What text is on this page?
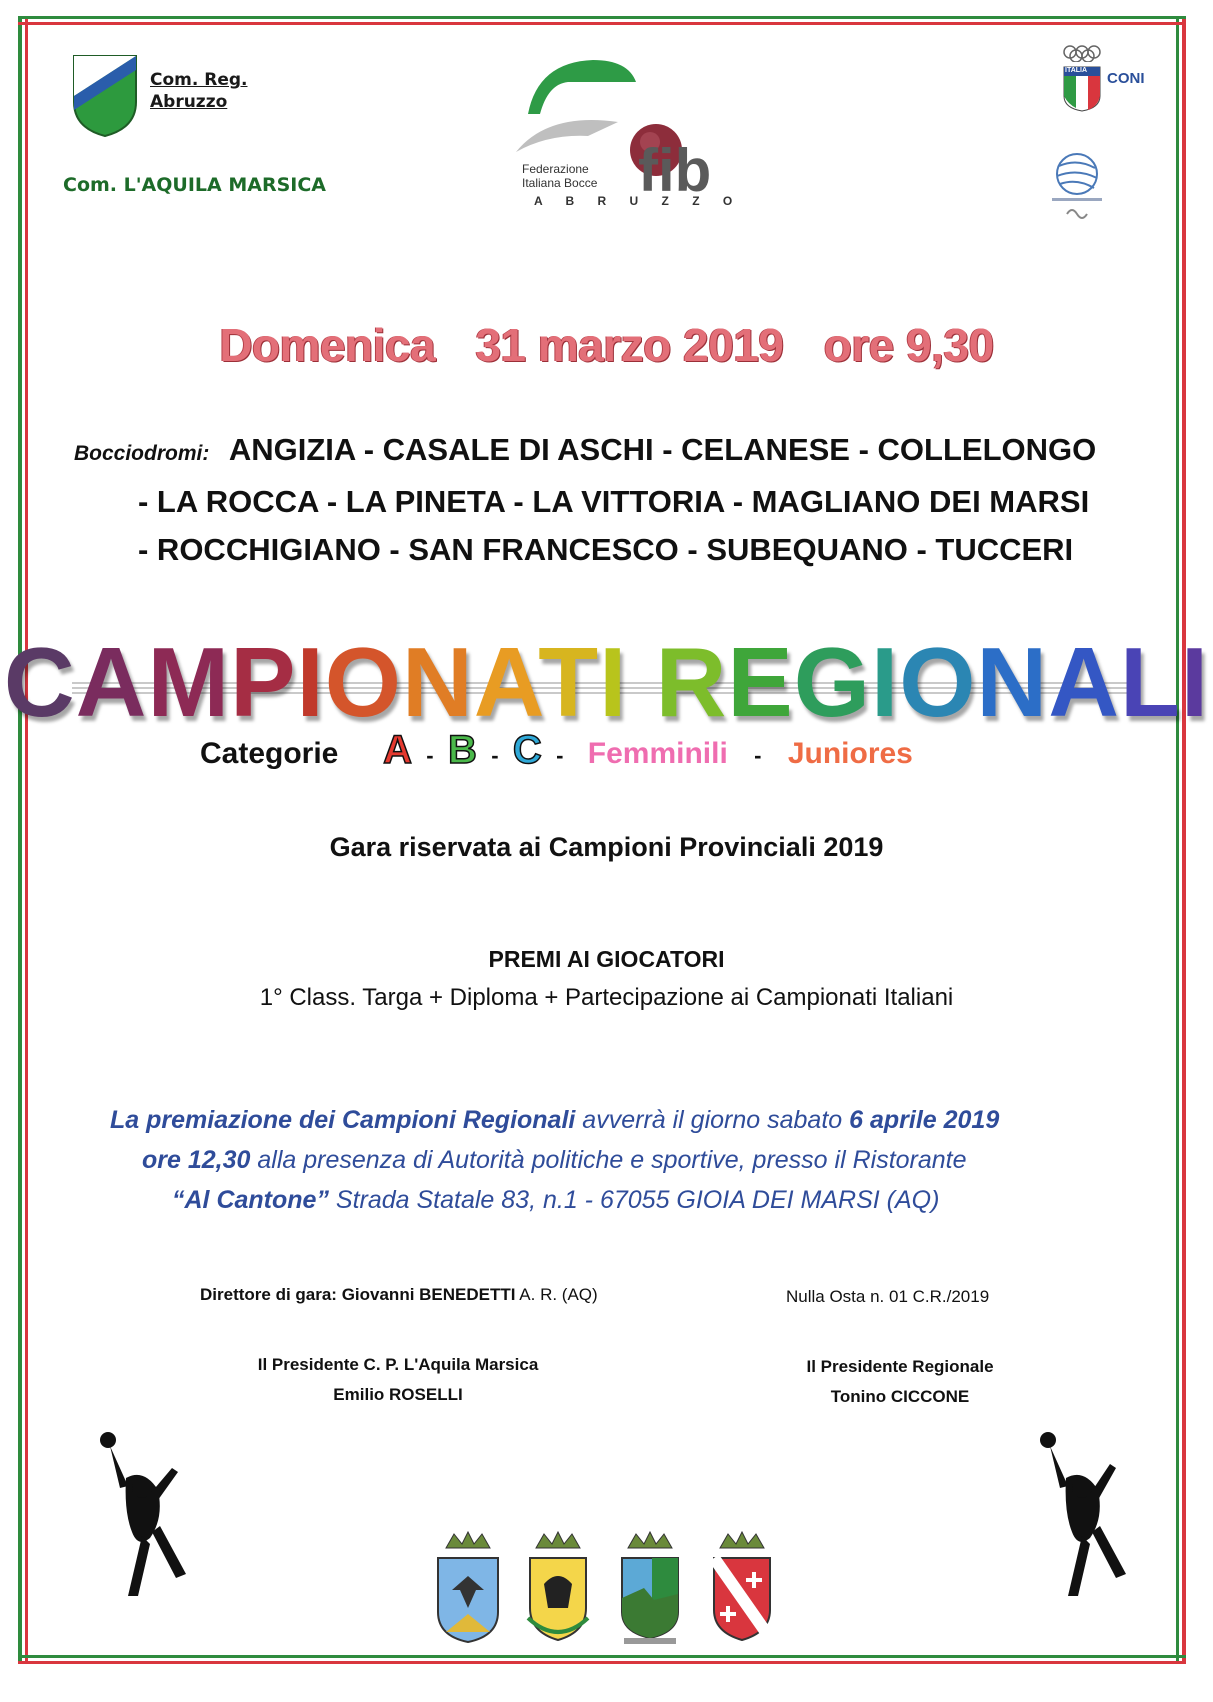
Com. Reg.
Abruzzo
Com. L'AQUILA MARSICA
Federazione
Italiana Bocce fib
A B R U Z Z O
ITALIA CONI
Domenica 31 marzo 2019 ore 9,30
Bocciodromi: ANGIZIA - CASALE DI ASCHI - CELANESE - COLLELONGO
- LA ROCCA - LA PINETA - LA VITTORIA - MAGLIANO DEI MARSI
- ROCCHIGIANO - SAN FRANCESCO - SUBEQUANO - TUCCERI
CAMPIONATI REGIONALI
Categorie A - B - C - Femminili - Juniores
Gara riservata ai Campioni Provinciali 2019
PREMI AI GIOCATORI
1° Class. Targa + Diploma + Partecipazione ai Campionati Italiani
La premiazione dei Campioni Regionali avverrà il giorno sabato 6 aprile 2019
ore 12,30 alla presenza di Autorità politiche e sportive, presso il Ristorante
“Al Cantone” Strada Statale 83, n.1 - 67055 GIOIA DEI MARSI (AQ)
Direttore di gara: Giovanni BENEDETTI A. R. (AQ)	Nulla Osta n. 01 C.R./2019
Il Presidente C. P. L'Aquila Marsica
Emilio ROSELLI
Il Presidente Regionale
Tonino CICCONE
